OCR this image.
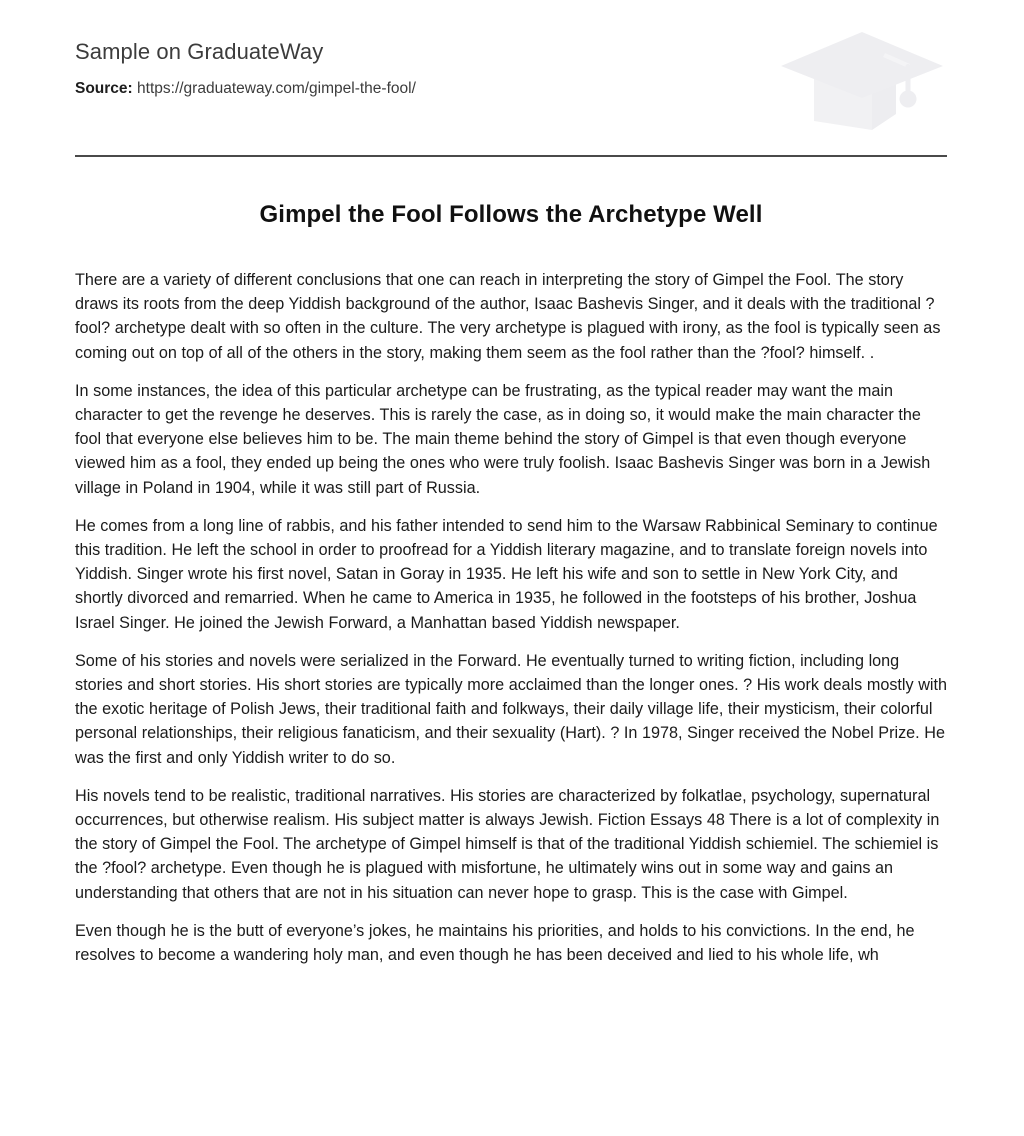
Sample on GraduateWay
Source: https://graduateway.com/gimpel-the-fool/
Gimpel the Fool Follows the Archetype Well

There are a variety of different conclusions that one can reach in interpreting the story of Gimpel the Fool. The story draws its roots from the deep Yiddish background of the author, Isaac Bashevis Singer, and it deals with the traditional ?fool? archetype dealt with so often in the culture. The very archetype is plagued with irony, as the fool is typically seen as coming out on top of all of the others in the story, making them seem as the fool rather than the ?fool? himself. .

In some instances, the idea of this particular archetype can be frustrating, as the typical reader may want the main character to get the revenge he deserves. This is rarely the case, as in doing so, it would make the main character the fool that everyone else believes him to be. The main theme behind the story of Gimpel is that even though everyone viewed him as a fool, they ended up being the ones who were truly foolish. Isaac Bashevis Singer was born in a Jewish village in Poland in 1904, while it was still part of Russia.

He comes from a long line of rabbis, and his father intended to send him to the Warsaw Rabbinical Seminary to continue this tradition. He left the school in order to proofread for a Yiddish literary magazine, and to translate foreign novels into Yiddish. Singer wrote his first novel, Satan in Goray in 1935. He left his wife and son to settle in New York City, and shortly divorced and remarried. When he came to America in 1935, he followed in the footsteps of his brother, Joshua Israel Singer. He joined the Jewish Forward, a Manhattan based Yiddish newspaper.

Some of his stories and novels were serialized in the Forward. He eventually turned to writing fiction, including long stories and short stories. His short stories are typically more acclaimed than the longer ones. ? His work deals mostly with the exotic heritage of Polish Jews, their traditional faith and folkways, their daily village life, their mysticism, their colorful personal relationships, their religious fanaticism, and their sexuality (Hart). ? In 1978, Singer received the Nobel Prize. He was the first and only Yiddish writer to do so.

His novels tend to be realistic, traditional narratives. His stories are characterized by folkatlae, psychology, supernatural occurrences, but otherwise realism. His subject matter is always Jewish. Fiction Essays 48 There is a lot of complexity in the story of Gimpel the Fool. The archetype of Gimpel himself is that of the traditional Yiddish schiemiel. The schiemiel is the ?fool? archetype. Even though he is plagued with misfortune, he ultimately wins out in some way and gains an understanding that others that are not in his situation can never hope to grasp. This is the case with Gimpel.

Even though he is the butt of everyone’s jokes, he maintains his priorities, and holds to his convictions. In the end, he resolves to become a wandering holy man, and even though he has been deceived and lied to his whole life, wh
